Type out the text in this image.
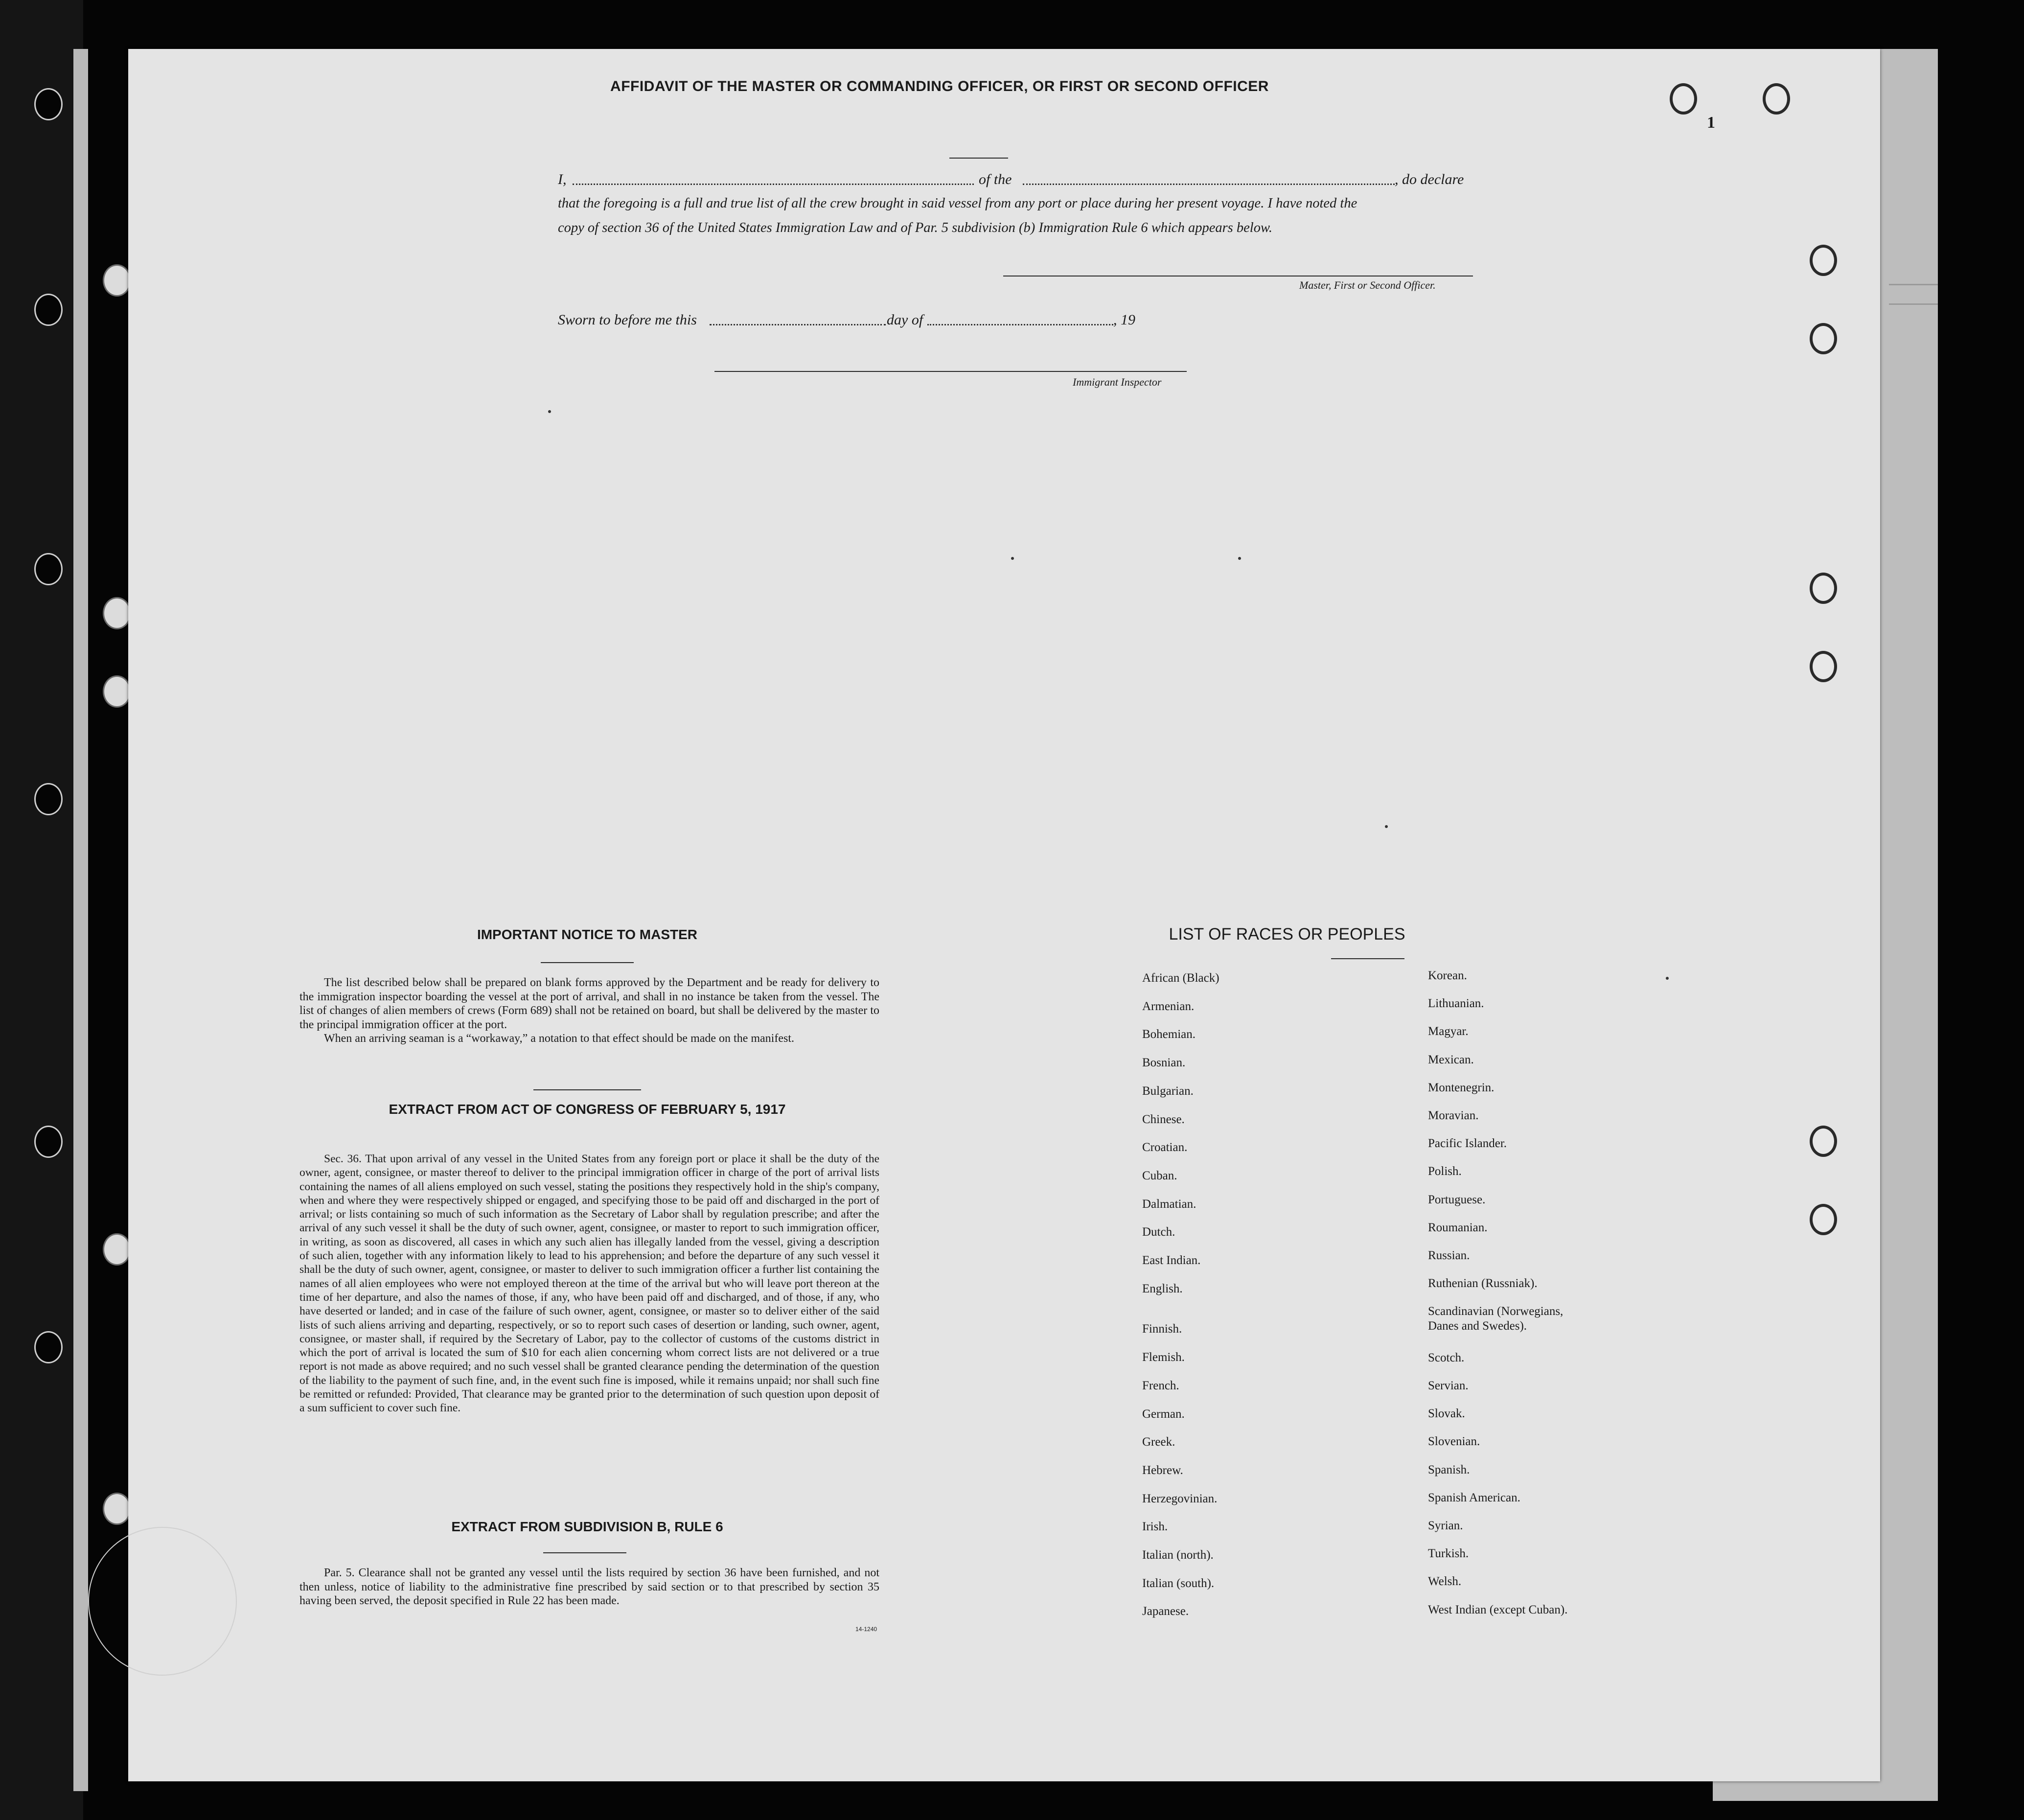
1
AFFIDAVIT OF THE MASTER OR COMMANDING OFFICER, OR FIRST OR SECOND OFFICER
I,	of the	, do declare
that the foregoing is a full and true list of all the crew brought in said vessel from any port or place during her present voyage. I have noted the
copy of section 36 of the United States Immigration Law and of Par. 5 subdivision (b) Immigration Rule 6 which appears below.
Master, First or Second Officer.
Sworn to before me this	day of	, 19
Immigrant Inspector
IMPORTANT NOTICE TO MASTER

The list described below shall be prepared on blank forms approved by the Department and be ready for delivery to the immigration inspector boarding the vessel at the port of arrival, and shall in no instance be taken from the vessel. The list of changes of alien members of crews (Form 689) shall not be retained on board, but shall be delivered by the master to the principal immigration officer at the port.

When an arriving seaman is a “workaway,” a notation to that effect should be made on the manifest.

EXTRACT FROM ACT OF CONGRESS OF FEBRUARY 5, 1917

Sec. 36. That upon arrival of any vessel in the United States from any foreign port or place it shall be the duty of the owner, agent, consignee, or master thereof to deliver to the principal immigration officer in charge of the port of arrival lists containing the names of all aliens employed on such vessel, stating the positions they respectively hold in the ship's company, when and where they were respectively shipped or engaged, and specifying those to be paid off and discharged in the port of arrival; or lists containing so much of such information as the Secretary of Labor shall by regulation prescribe; and after the arrival of any such vessel it shall be the duty of such owner, agent, consignee, or master to report to such immigration officer, in writing, as soon as discovered, all cases in which any such alien has illegally landed from the vessel, giving a description of such alien, together with any information likely to lead to his apprehension; and before the departure of any such vessel it shall be the duty of such owner, agent, consignee, or master to deliver to such immigration officer a further list containing the names of all alien employees who were not employed thereon at the time of the arrival but who will leave port thereon at the time of her departure, and also the names of those, if any, who have been paid off and discharged, and of those, if any, who have deserted or landed; and in case of the failure of such owner, agent, consignee, or master so to deliver either of the said lists of such aliens arriving and departing, respectively, or so to report such cases of desertion or landing, such owner, agent, consignee, or master shall, if required by the Secretary of Labor, pay to the collector of customs of the customs district in which the port of arrival is located the sum of $10 for each alien concerning whom correct lists are not delivered or a true report is not made as above required; and no such vessel shall be granted clearance pending the determination of the question of the liability to the payment of such fine, and, in the event such fine is imposed, while it remains unpaid; nor shall such fine be remitted or refunded: Provided, That clearance may be granted prior to the determination of such question upon deposit of a sum sufficient to cover such fine.

EXTRACT FROM SUBDIVISION B, RULE 6

Par. 5. Clearance shall not be granted any vessel until the lists required by section 36 have been furnished, and not then unless, notice of liability to the administrative fine prescribed by said section or to that prescribed by section 35 having been served, the deposit specified in Rule 22 has been made.

14-1240
LIST OF RACES OR PEOPLES
African (Black)
Armenian.
Bohemian.
Bosnian.
Bulgarian.
Chinese.
Croatian.
Cuban.
Dalmatian.
Dutch.
East Indian.
English.
Finnish.
Flemish.
French.
German.
Greek.
Hebrew.
Herzegovinian.
Irish.
Italian (north).
Italian (south).
Japanese.
Korean.
Lithuanian.
Magyar.
Mexican.
Montenegrin.
Moravian.
Pacific Islander.
Polish.
Portuguese.
Roumanian.
Russian.
Ruthenian (Russniak).
Scandinavian (Norwegians,
Danes and Swedes).
Scotch.
Servian.
Slovak.
Slovenian.
Spanish.
Spanish American.
Syrian.
Turkish.
Welsh.
West Indian (except Cuban).
